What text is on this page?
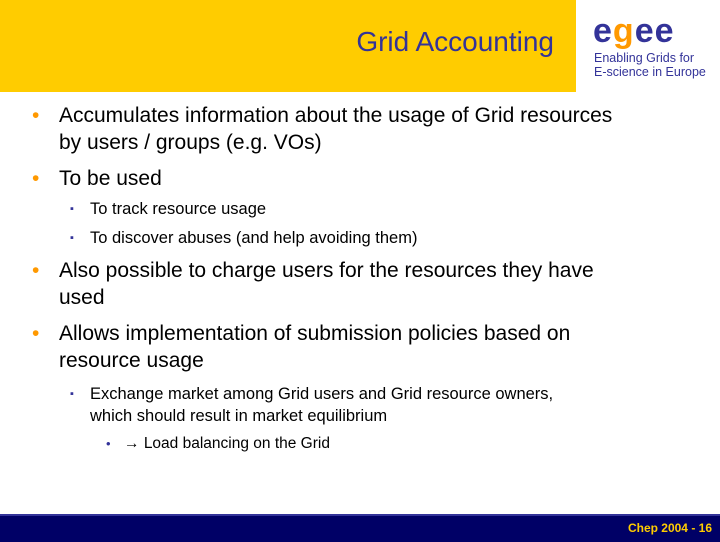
Grid Accounting egee
Enabling Grids for
E-science in Europe
• Accumulates information about the usage of Grid resources
by users / groups (e.g. VOs)
• To be used
▪ To track resource usage
▪ To discover abuses (and help avoiding them)
• Also possible to charge users for the resources they have
used
• Allows implementation of submission policies based on
resource usage
▪ Exchange market among Grid users and Grid resource owners,
which should result in market equilibrium
• → Load balancing on the Grid
Chep 2004 - 16
